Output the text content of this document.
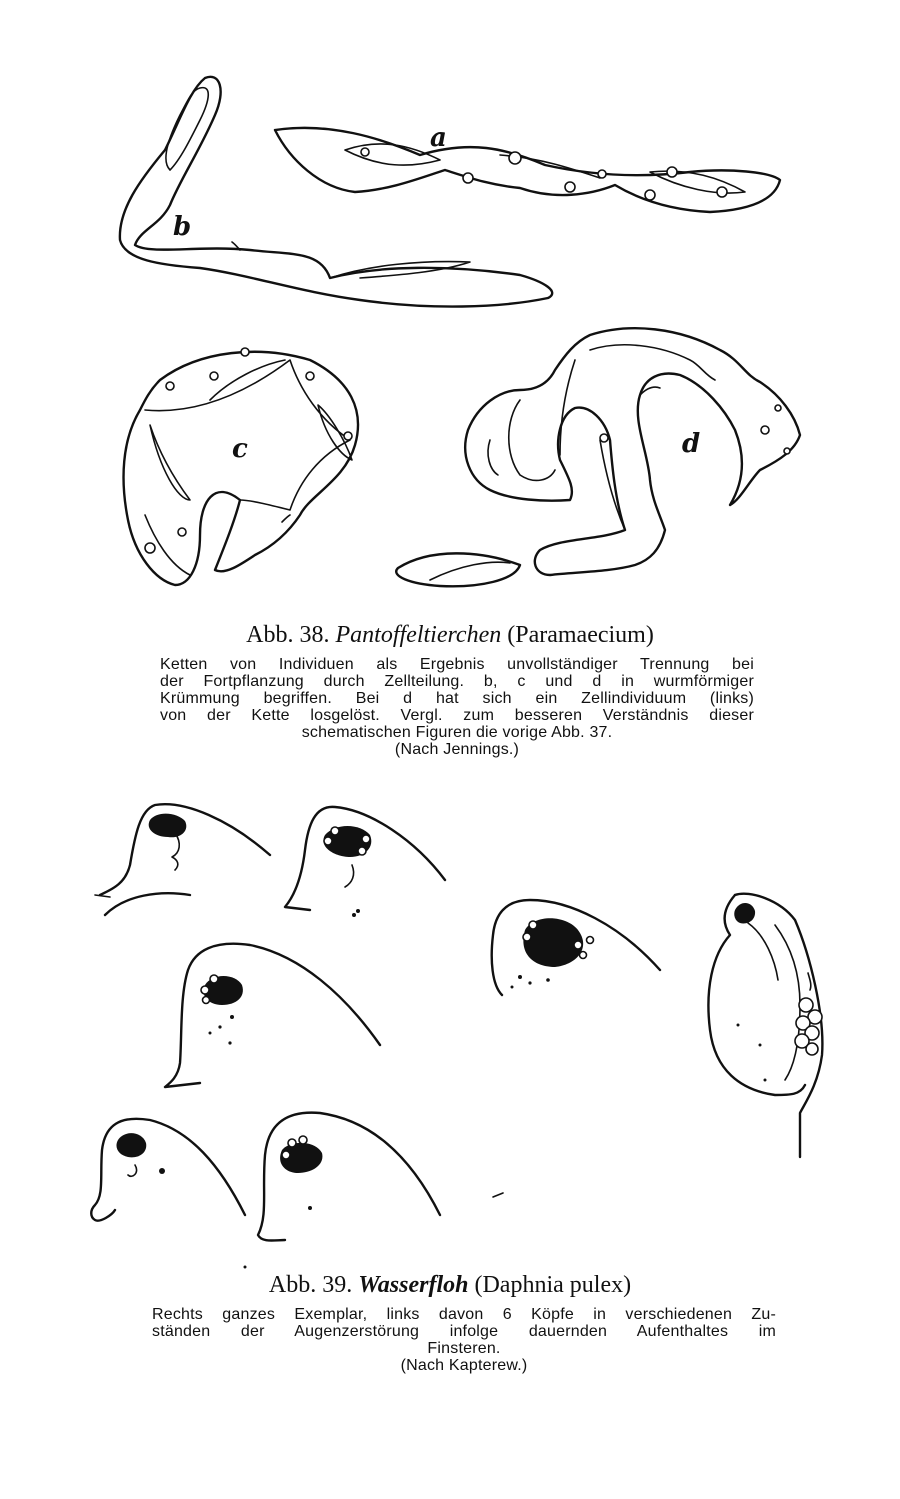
a
b
c	d
Abb. 38. Pantoffeltierchen (Paramaecium)
Ketten von Individuen als Ergebnis unvollständiger Trennung bei
der Fortpflanzung durch Zellteilung. b, c und d in wurmförmiger
Krümmung begriffen. Bei d hat sich ein Zellindividuum (links)
von der Kette losgelöst. Vergl. zum besseren Verständnis dieser
schematischen Figuren die vorige Abb. 37.
(Nach Jennings.)
Abb. 39. Wasserfloh (Daphnia pulex)
Rechts ganzes Exemplar, links davon 6 Köpfe in verschiedenen Zu-
ständen der Augenzerstörung infolge dauernden Aufenthaltes im
Finsteren.
(Nach Kapterew.)
